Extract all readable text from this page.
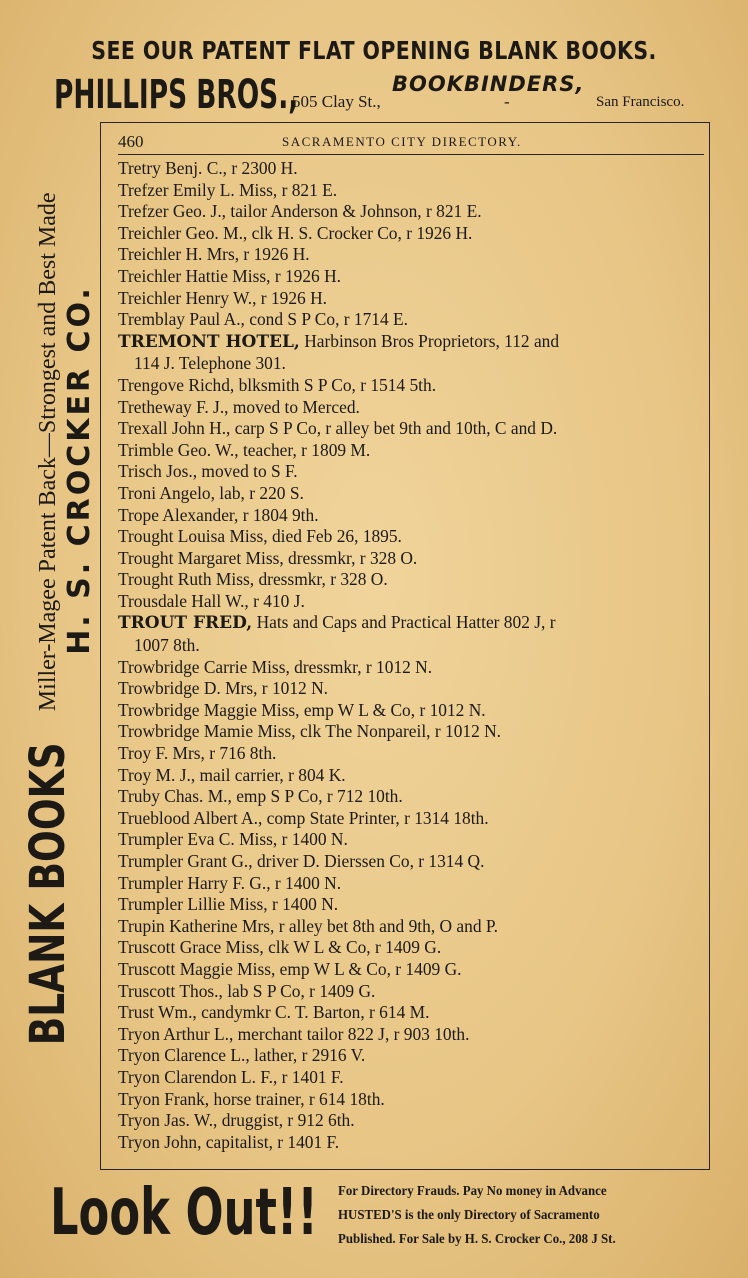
SEE OUR PATENT FLAT OPENING BLANK BOOKS.
PHILLIPS BROS.,	BOOKBINDERS,
505 Clay St.,	-	San Francisco.
BLANK BOOKS
Miller-Magee Patent Back—Strongest and Best Made H. S. CROCKER CO.
460	SACRAMENTO CITY DIRECTORY.
Tretry Benj. C., r 2300 H.
Trefzer Emily L. Miss, r 821 E.
Trefzer Geo. J., tailor Anderson & Johnson, r 821 E.
Treichler Geo. M., clk H. S. Crocker Co, r 1926 H.
Treichler H. Mrs, r 1926 H.
Treichler Hattie Miss, r 1926 H.
Treichler Henry W., r 1926 H.
Tremblay Paul A., cond S P Co, r 1714 E.
TREMONT HOTEL, Harbinson Bros Proprietors, 112 and
114 J. Telephone 301.
Trengove Richd, blksmith S P Co, r 1514 5th.
Tretheway F. J., moved to Merced.
Trexall John H., carp S P Co, r alley bet 9th and 10th, C and D.
Trimble Geo. W., teacher, r 1809 M.
Trisch Jos., moved to S F.
Troni Angelo, lab, r 220 S.
Trope Alexander, r 1804 9th.
Trought Louisa Miss, died Feb 26, 1895.
Trought Margaret Miss, dressmkr, r 328 O.
Trought Ruth Miss, dressmkr, r 328 O.
Trousdale Hall W., r 410 J.
TROUT FRED, Hats and Caps and Practical Hatter 802 J, r
1007 8th.
Trowbridge Carrie Miss, dressmkr, r 1012 N.
Trowbridge D. Mrs, r 1012 N.
Trowbridge Maggie Miss, emp W L & Co, r 1012 N.
Trowbridge Mamie Miss, clk The Nonpareil, r 1012 N.
Troy F. Mrs, r 716 8th.
Troy M. J., mail carrier, r 804 K.
Truby Chas. M., emp S P Co, r 712 10th.
Trueblood Albert A., comp State Printer, r 1314 18th.
Trumpler Eva C. Miss, r 1400 N.
Trumpler Grant G., driver D. Dierssen Co, r 1314 Q.
Trumpler Harry F. G., r 1400 N.
Trumpler Lillie Miss, r 1400 N.
Trupin Katherine Mrs, r alley bet 8th and 9th, O and P.
Truscott Grace Miss, clk W L & Co, r 1409 G.
Truscott Maggie Miss, emp W L & Co, r 1409 G.
Truscott Thos., lab S P Co, r 1409 G.
Trust Wm., candymkr C. T. Barton, r 614 M.
Tryon Arthur L., merchant tailor 822 J, r 903 10th.
Tryon Clarence L., lather, r 2916 V.
Tryon Clarendon L. F., r 1401 F.
Tryon Frank, horse trainer, r 614 18th.
Tryon Jas. W., druggist, r 912 6th.
Tryon John, capitalist, r 1401 F.
Look Out!! For Directory Frauds. Pay No money in Advance
HUSTED'S is the only Directory of Sacramento
Published. For Sale by H. S. Crocker Co., 208 J St.
